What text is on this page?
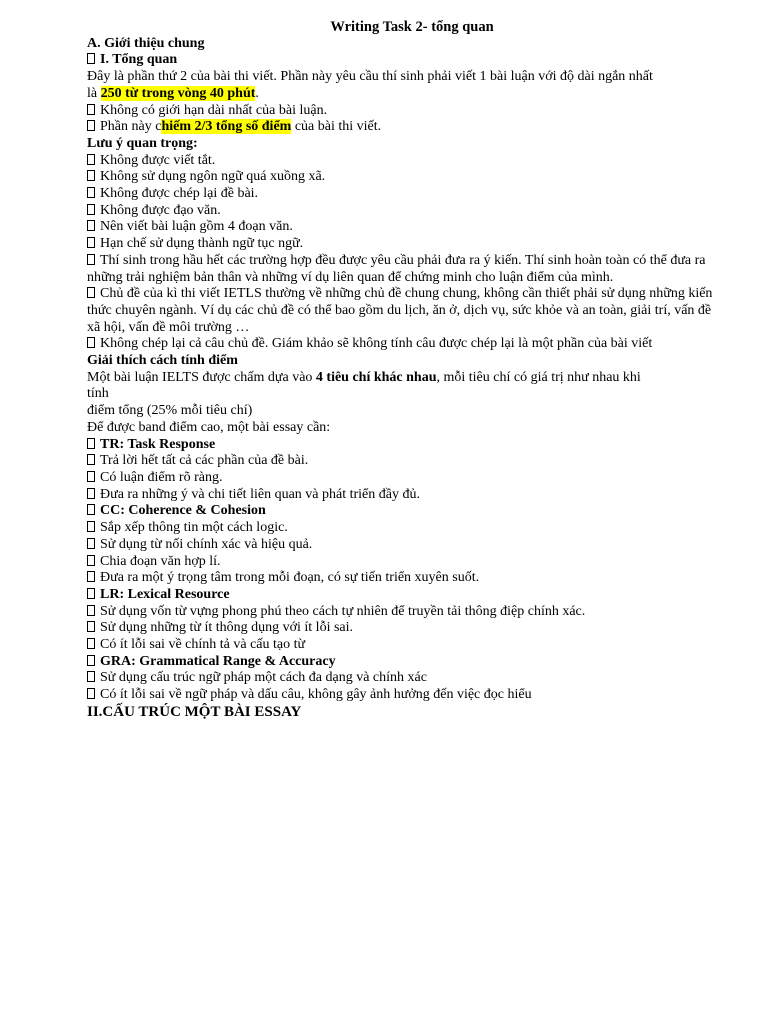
Writing Task 2- tổng quan
A. Giới thiệu chung
I. Tổng quan
Đây là phần thứ 2 của bài thi viết. Phần này yêu cầu thí sinh phải viết 1 bài luận với độ dài ngắn nhất
là 250 từ trong vòng 40 phút.
Không có giới hạn dài nhất của bài luận.
Phần này chiếm 2/3 tổng số điểm của bài thi viết.
Lưu ý quan trọng:
Không được viết tắt.
Không sử dụng ngôn ngữ quá xuồng xã.
Không được chép lại đề bài.
Không được đạo văn.
Nên viết bài luận gồm 4 đoạn văn.
Hạn chế sử dụng thành ngữ tục ngữ.
Thí sinh trong hầu hết các trường hợp đều được yêu cầu phải đưa ra ý kiến. Thí sinh hoàn toàn có thể đưa ra những trải nghiệm bản thân và những ví dụ liên quan để chứng minh cho luận điểm của mình.
Chủ đề của kì thi viết IETLS thường về những chủ đề chung chung, không cần thiết phải sử dụng những kiến thức chuyên ngành. Ví dụ các chủ đề có thể bao gồm du lịch, ăn ở, dịch vụ, sức khỏe và an toàn, giải trí, vấn đề xã hội, vấn đề môi trường …
Không chép lại cả câu chủ đề. Giám khảo sẽ không tính câu được chép lại là một phần của bài viết
Giải thích cách tính điểm
Một bài luận IELTS được chấm dựa vào 4 tiêu chí khác nhau, mỗi tiêu chí có giá trị như nhau khi
tính
điểm tổng (25% mỗi tiêu chí)
Để được band điểm cao, một bài essay cần:
TR: Task Response
Trả lời hết tất cả các phần của đề bài.
Có luận điểm rõ ràng.
Đưa ra những ý và chi tiết liên quan và phát triển đầy đủ.
CC: Coherence & Cohesion
Sắp xếp thông tin một cách logic.
Sử dụng từ nối chính xác và hiệu quả.
Chia đoạn văn hợp lí.
Đưa ra một ý trọng tâm trong mỗi đoạn, có sự tiến triển xuyên suốt.
LR: Lexical Resource
Sử dụng vốn từ vựng phong phú theo cách tự nhiên để truyền tải thông điệp chính xác.
Sử dụng những từ ít thông dụng với ít lỗi sai.
Có ít lỗi sai về chính tả và cấu tạo từ
GRA: Grammatical Range & Accuracy
Sử dụng cấu trúc ngữ pháp một cách đa dạng và chính xác
Có ít lỗi sai về ngữ pháp và dấu câu, không gây ảnh hưởng đến việc đọc hiểu
II.CẤU TRÚC MỘT BÀI ESSAY
